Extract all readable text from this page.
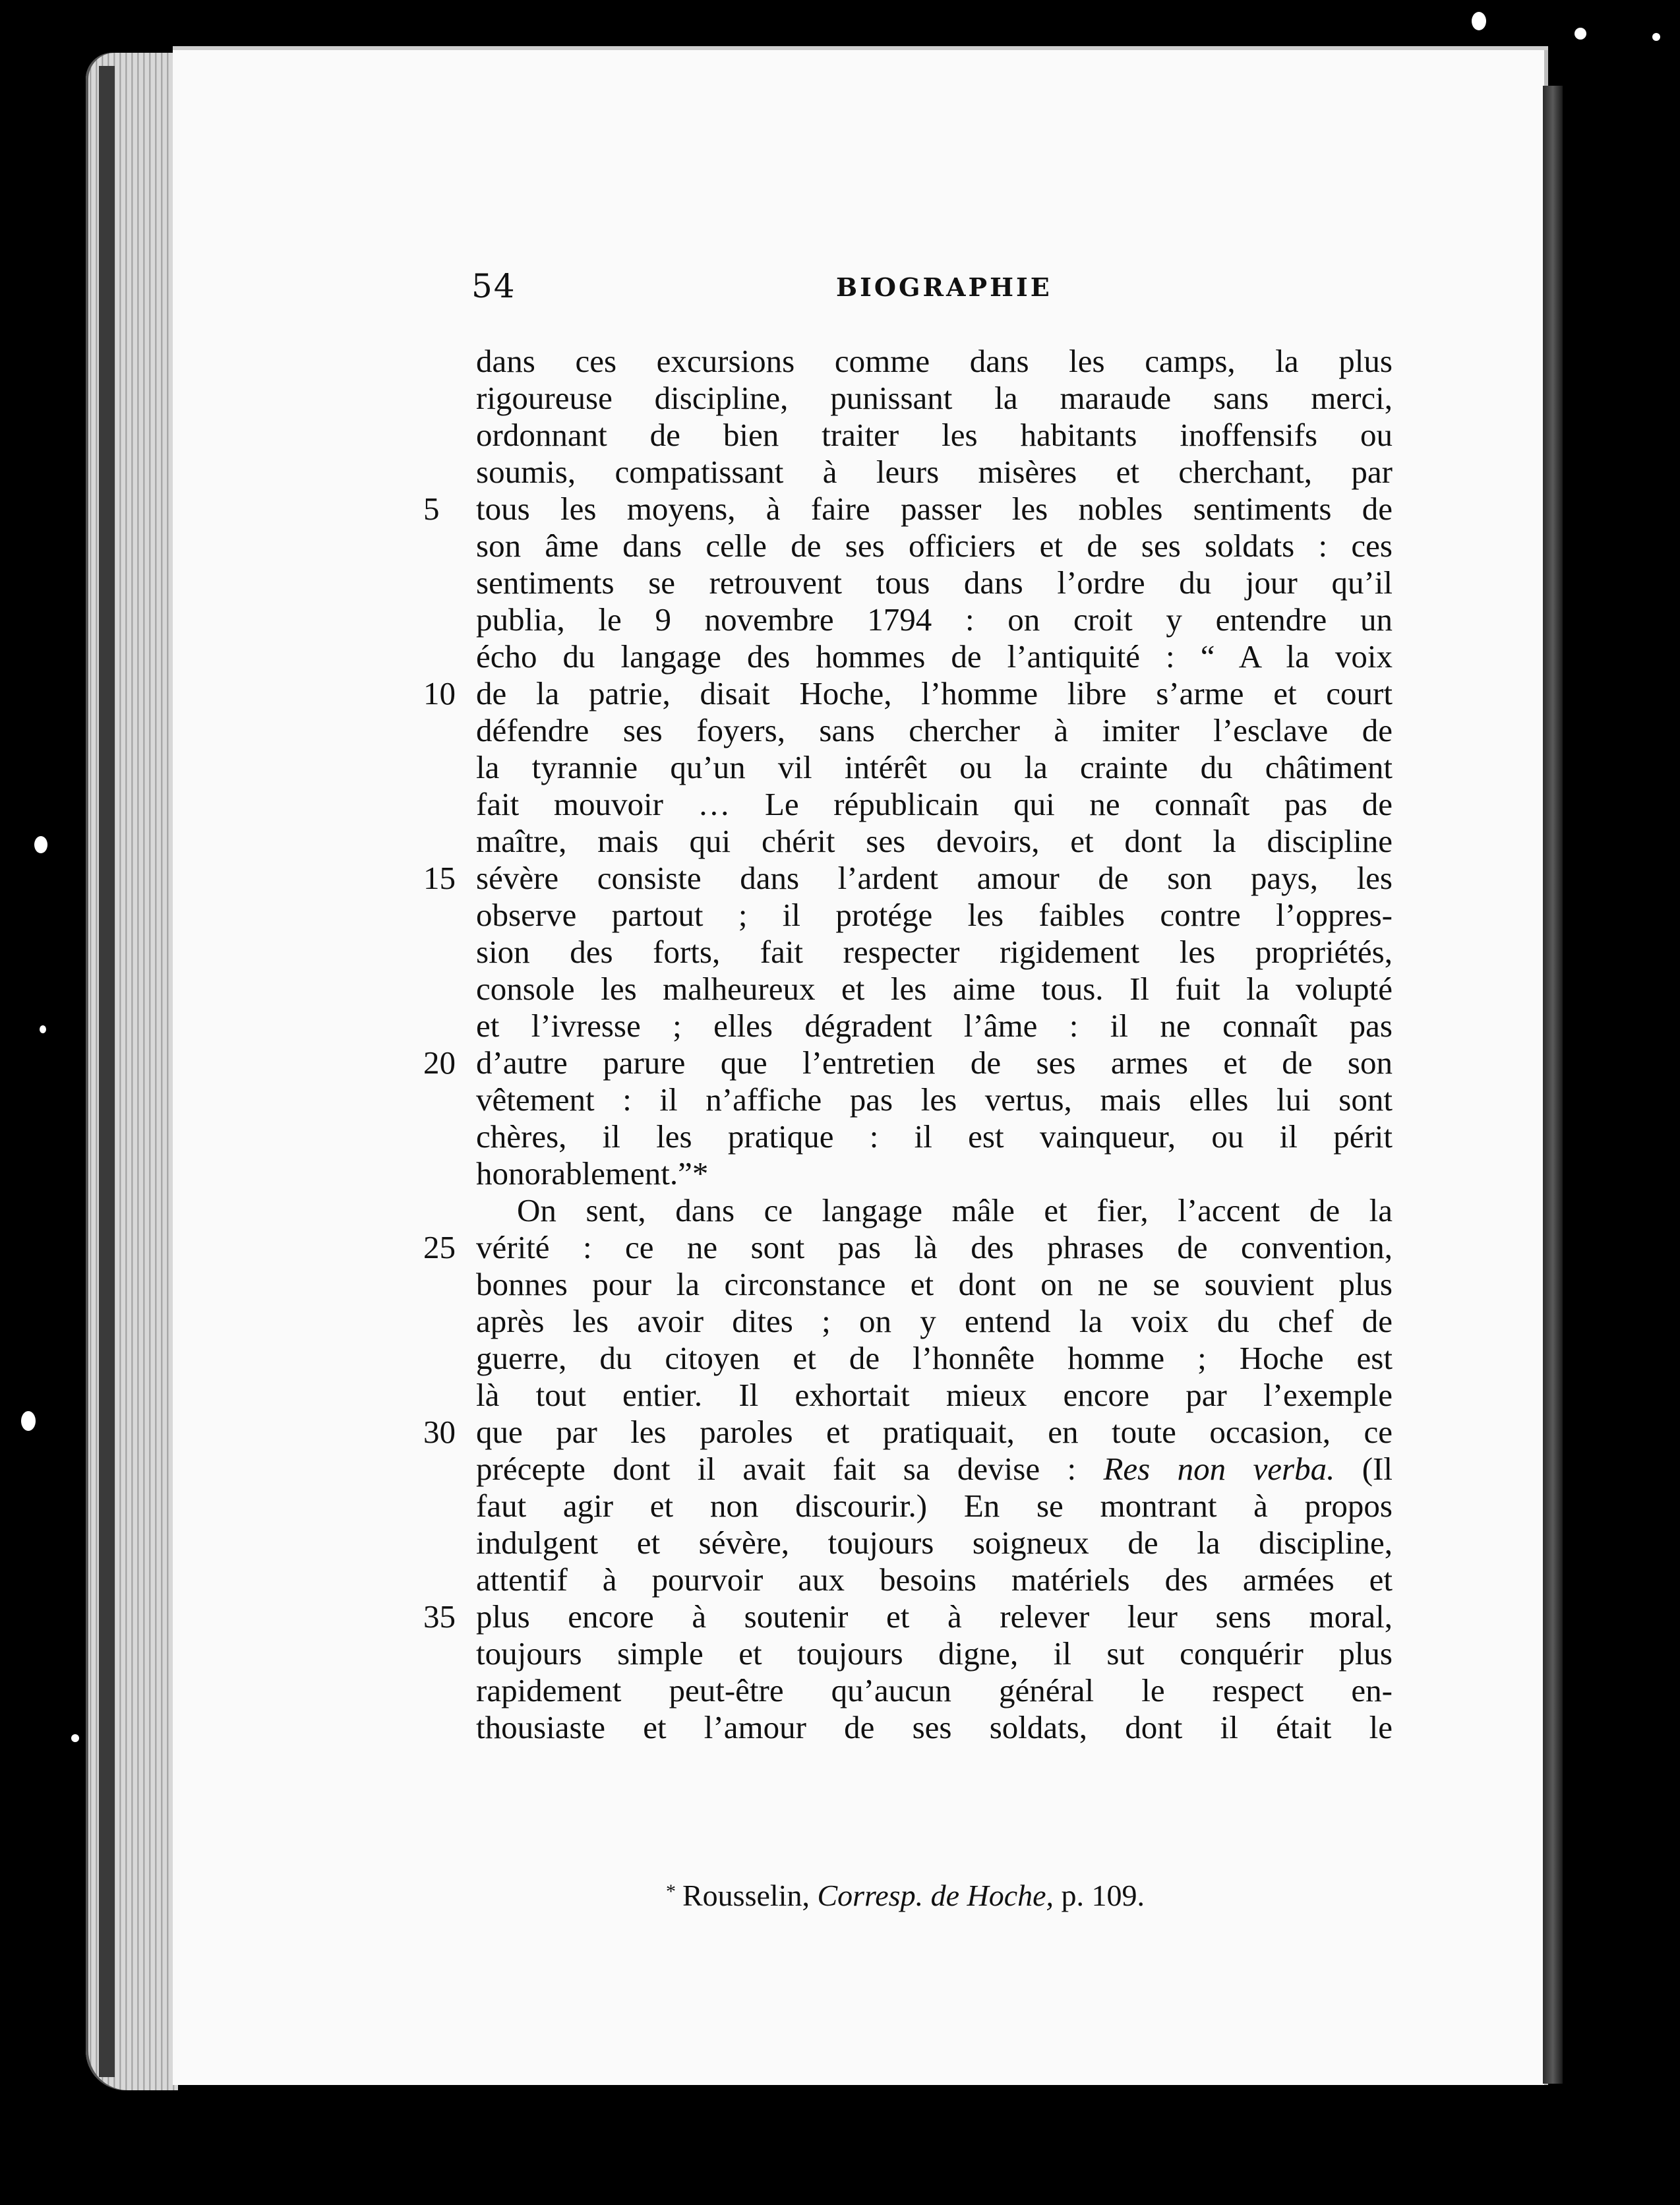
54	BIOGRAPHIE
dans ces excursions comme dans les camps, la plus
rigoureuse discipline, punissant la maraude sans merci,
ordonnant de bien traiter les habitants inoffensifs ou
soumis, compatissant à leurs misères et cherchant, par
5	tous les moyens, à faire passer les nobles sentiments de
son âme dans celle de ses officiers et de ses soldats : ces
sentiments se retrouvent tous dans l’ordre du jour qu’il
publia, le 9 novembre 1794 : on croit y entendre un
écho du langage des hommes de l’antiquité : “ A la voix
10 de la patrie, disait Hoche, l’homme libre s’arme et court
défendre ses foyers, sans chercher à imiter l’esclave de
la tyrannie qu’un vil intérêt ou la crainte du châtiment
fait mouvoir … Le républicain qui ne connaît pas de
maître, mais qui chérit ses devoirs, et dont la discipline
15 sévère consiste dans l’ardent amour de son pays, les
observe partout ; il protége les faibles contre l’oppres-
sion des forts, fait respecter rigidement les propriétés,
console les malheureux et les aime tous. Il fuit la volupté
et l’ivresse ; elles dégradent l’âme : il ne connaît pas
20 d’autre parure que l’entretien de ses armes et de son
vêtement : il n’affiche pas les vertus, mais elles lui sont
chères, il les pratique : il est vainqueur, ou il périt
honorablement.”*
On sent, dans ce langage mâle et fier, l’accent de la
25 vérité : ce ne sont pas là des phrases de convention,
bonnes pour la circonstance et dont on ne se souvient plus
après les avoir dites ; on y entend la voix du chef de
guerre, du citoyen et de l’honnête homme ; Hoche est
là tout entier. Il exhortait mieux encore par l’exemple
30 que par les paroles et pratiquait, en toute occasion, ce
précepte dont il avait fait sa devise : Res non verba. (Il
faut agir et non discourir.) En se montrant à propos
indulgent et sévère, toujours soigneux de la discipline,
attentif à pourvoir aux besoins matériels des armées et
35 plus encore à soutenir et à relever leur sens moral,
toujours simple et toujours digne, il sut conquérir plus
rapidement peut-être qu’aucun général le respect en-
thousiaste et l’amour de ses soldats, dont il était le
* Rousselin, Corresp. de Hoche, p. 109.
